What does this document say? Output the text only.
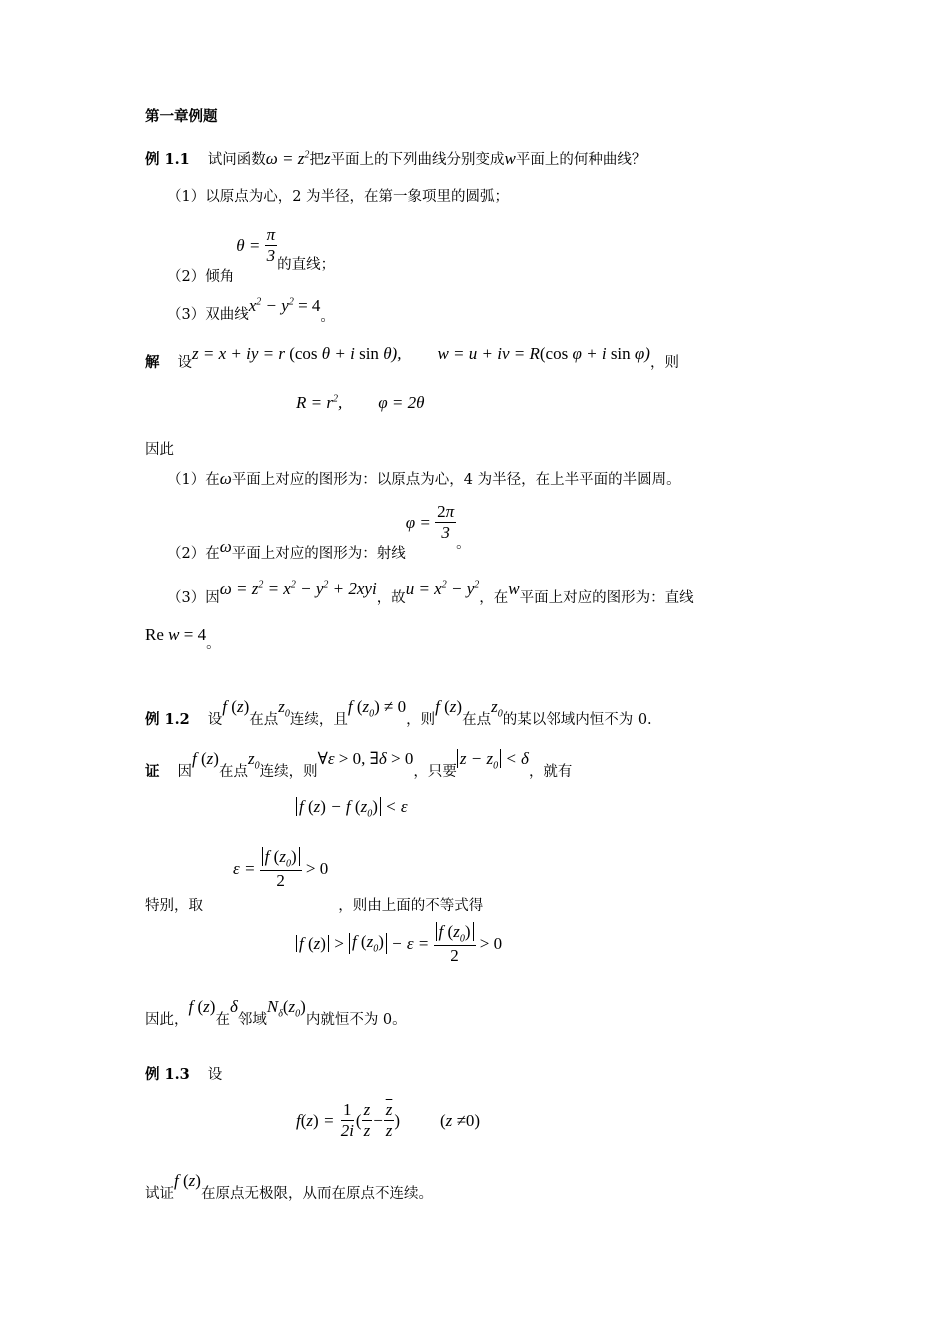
第一章例题
例 1.1 试问函数$\omega = z^2$把z平面上的下列曲线分别变成w平面上的何种曲线？
（1）以原点为心，2 为半径，在第一象项里的圆弧；
（2）倾角$\theta = \frac{\pi}{3}$ 的直线；
（3）双曲线$x^2 - y^2 = 4$。
解 设z = x + iy = r (cos θ + i sin θ), w = u + iv = R(cos φ + i sin φ)，则
$R = r^2$, φ = 2θ
因此
（1）在ω平面上对应的图形为：以原点为心，4 为半径，在上半平面的半圆周。
（2）在ω平面上对应的图形为：射线$\varphi = \frac{2\pi}{3}$
。
（3）因$\omega = z^2 = x^2 - y^2 + 2xyi$，故$u = x^2 - y^2$，在w平面上对应的图形为：直线
Re w = 4。
例 1.2 设f (z)在点$z_0$连续，且f $(z_0) \ne 0$，则f (z)在点$z_0$的某以邻域内恒不为 0.
证 因f (z)在点$z_0$连续，则∀ε > 0, ∃δ > 0，只要$z - z_0 < \delta$，就有
f (z) − f $(z_0) < \varepsilon$
特别，取$\varepsilon = \frac{f (z_0)}{2}$
> 0
，则由上面的不等式得
f (z) > f $(z_0) - \varepsilon = \frac{f (z_0)}{2}$
> 0
因此，f (z)在δ邻域$N_\delta(z_0)$内就恒不为 0。
例 1.3 设
f ( z ) = $\frac{1}{2i}$ ( $\frac{z}{z} - \frac{\overline{z}}{z}$ ) ( z ≠ 0)
试证f (z)在原点无极限，从而在原点不连续。
